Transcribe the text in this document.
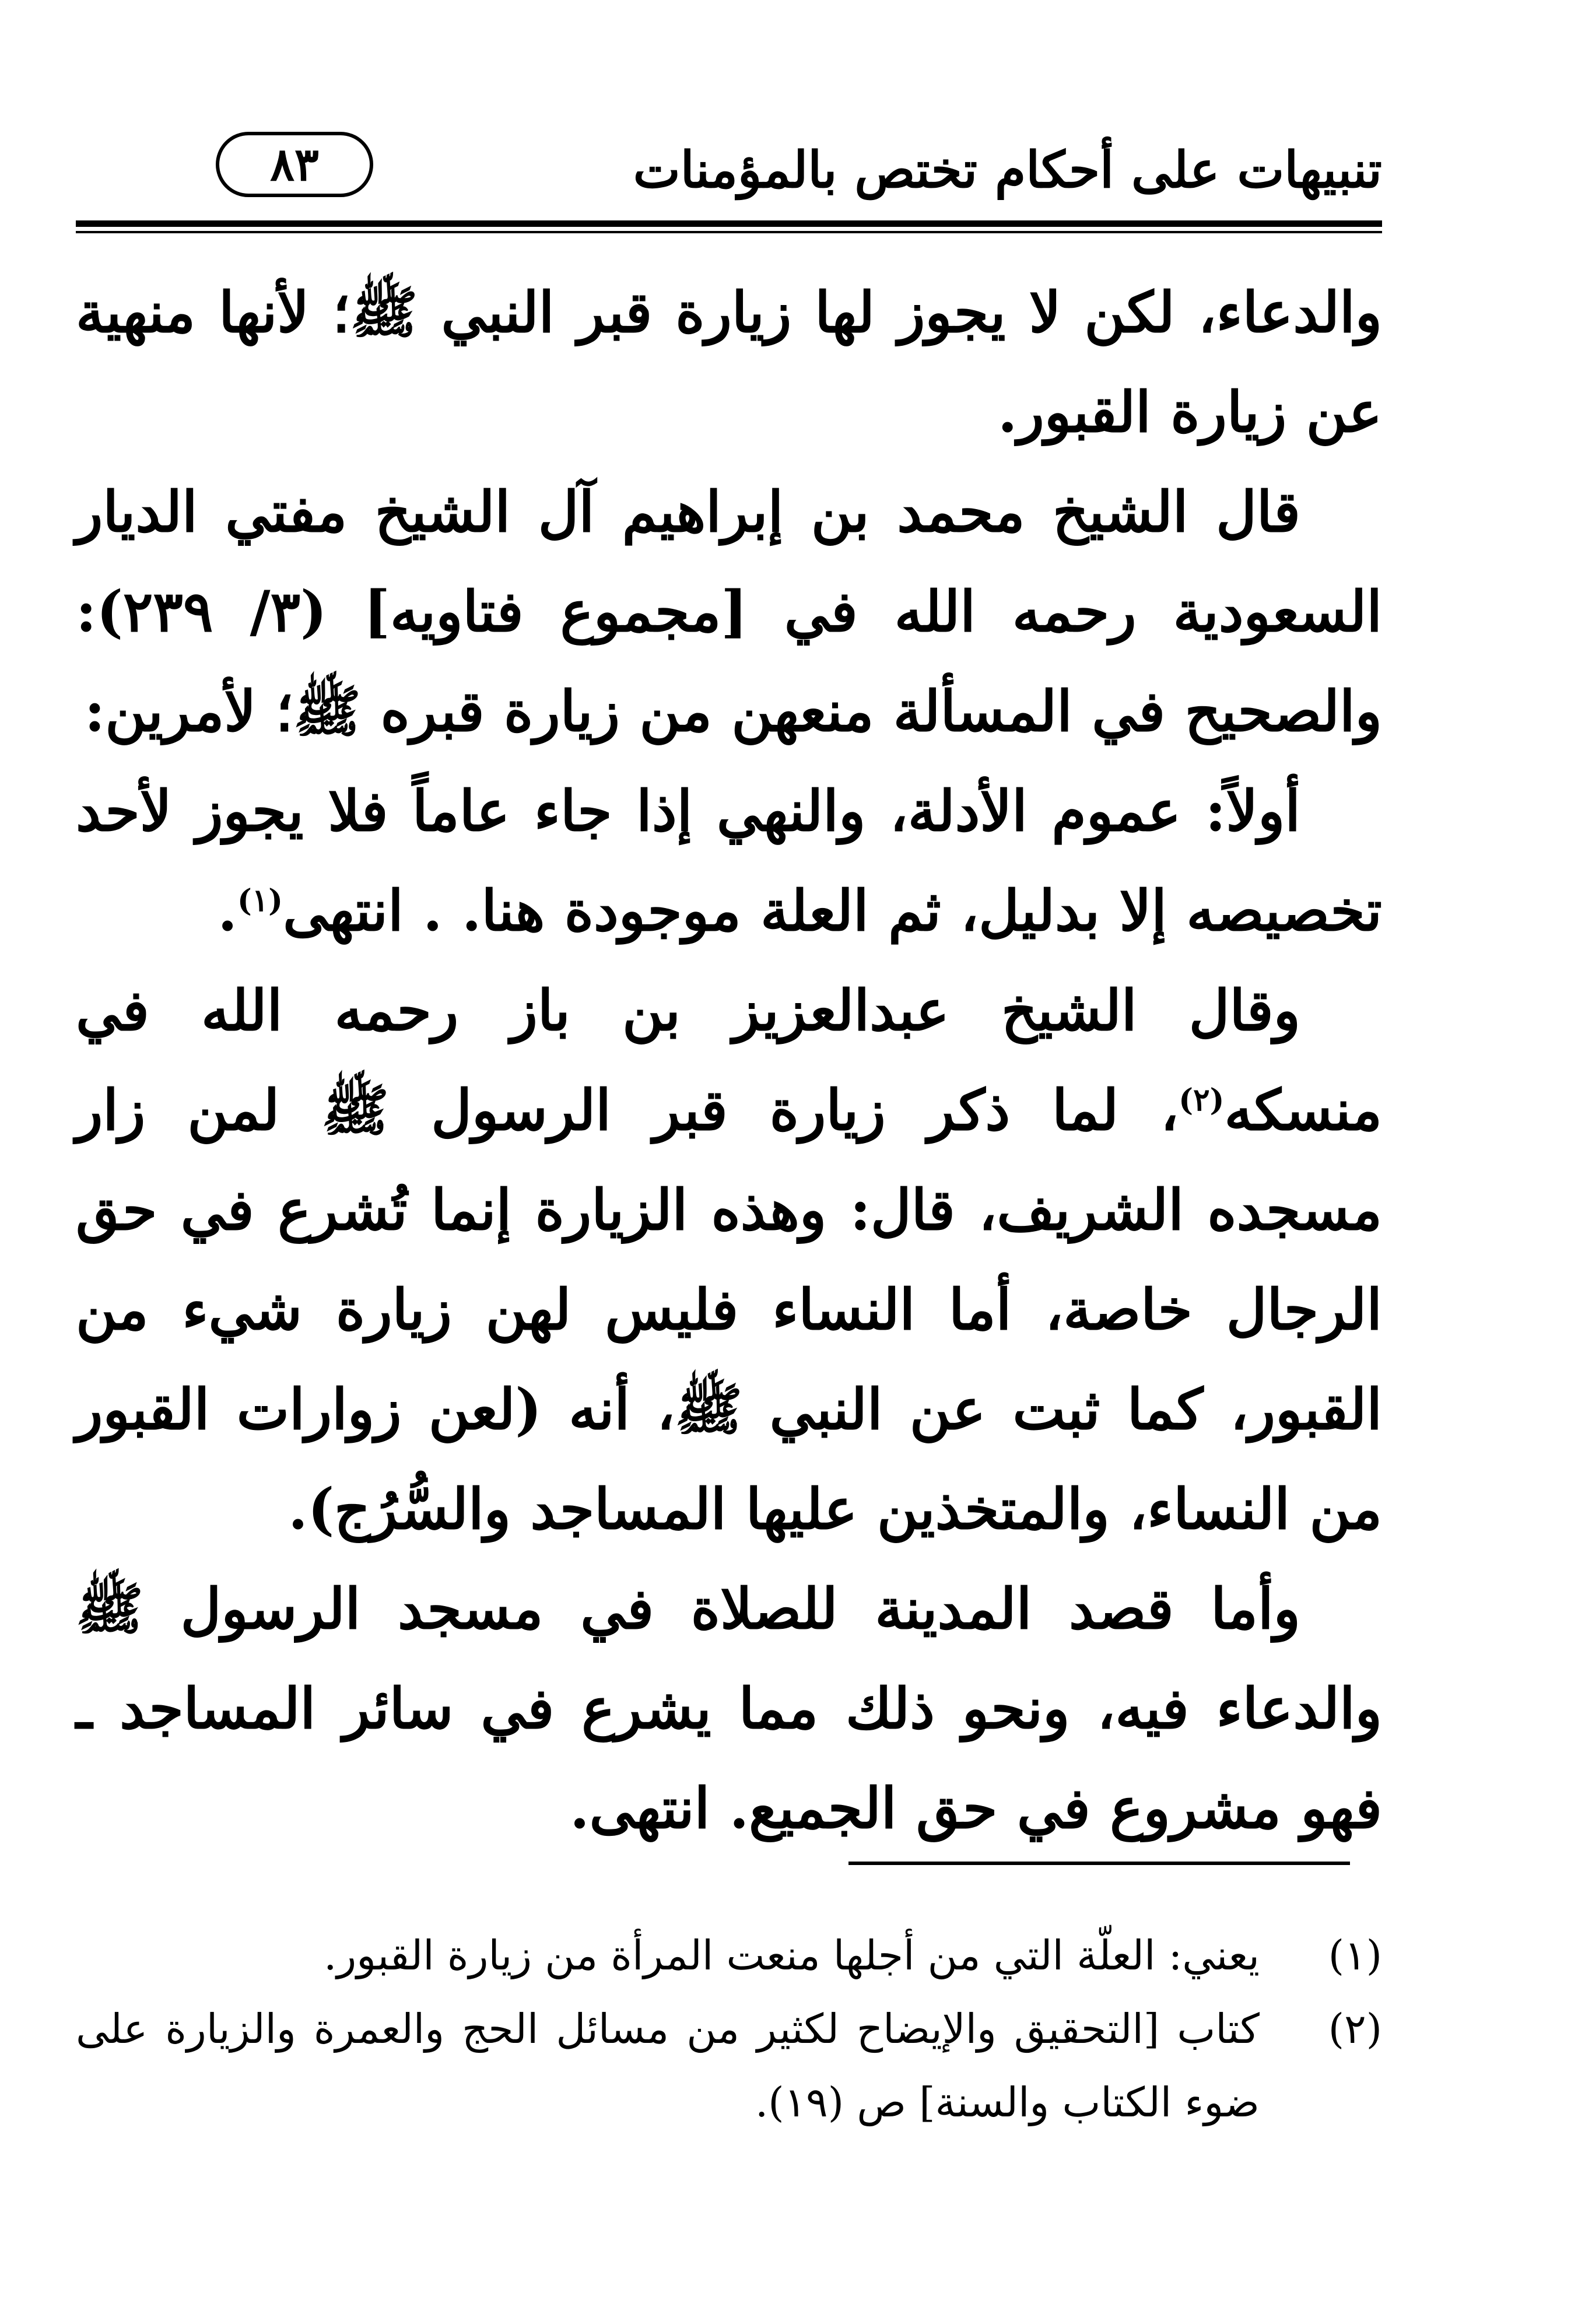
تنبيهات على أحكام تختص بالمؤمنات
٨٣

والدعاء، لكن لا يجوز لها زيارة قبر النبي ﷺ؛ لأنها منهية عن زيارة القبور.

قال الشيخ محمد بن إبراهيم آل الشيخ مفتي الديار السعودية رحمه الله في [مجموع فتاويه] (٣/ ٢٣٩): والصحيح في المسألة منعهن من زيارة قبره ﷺ؛ لأمرين:

أولاً: عموم الأدلة، والنهي إذا جاء عاماً فلا يجوز لأحد تخصيصه إلا بدليل، ثم العلة موجودة هنا. . انتهى$^{(١)}$.

وقال الشيخ عبدالعزيز بن باز رحمه الله في منسكه$^{(٢)}$، لما ذكر زيارة قبر الرسول ﷺ لمن زار مسجده الشريف، قال: وهذه الزيارة إنما تُشرع في حق الرجال خاصة، أما النساء فليس لهن زيارة شيء من القبور، كما ثبت عن النبي ﷺ، أنه (لعن زوارات القبور من النساء، والمتخذين عليها المساجد والسُّرُج).

وأما قصد المدينة للصلاة في مسجد الرسول ﷺ والدعاء فيه، ونحو ذلك مما يشرع في سائر المساجد ـ فهو مشروع في حق الجميع. انتهى.

(١)
يعني: العلّة التي من أجلها منعت المرأة من زيارة القبور.
(٢)
كتاب [التحقيق والإيضاح لكثير من مسائل الحج والعمرة والزيارة على ضوء الكتاب والسنة] ص (١٩).
